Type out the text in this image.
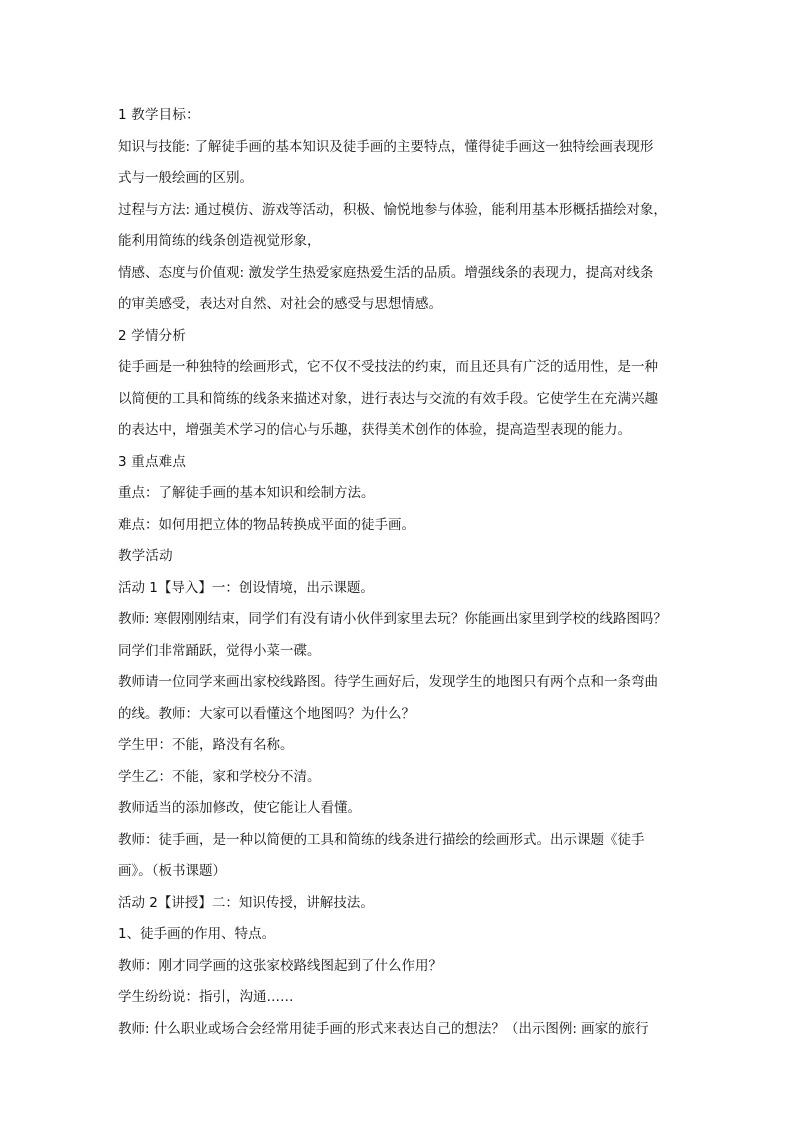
1 教学目标：
知识与技能: 了解徒手画的基本知识及徒手画的主要特点，懂得徒手画这一独特绘画表现形
式与一般绘画的区别。
过程与方法: 通过模仿、游戏等活动，积极、愉悦地参与体验，能利用基本形概括描绘对象，
能利用简练的线条创造视觉形象，
情感、态度与价值观: 激发学生热爱家庭热爱生活的品质。增强线条的表现力，提高对线条
的审美感受，表达对自然、对社会的感受与思想情感。
2 学情分析
徒手画是一种独特的绘画形式，它不仅不受技法的约束，而且还具有广泛的适用性，是一种
以简便的工具和简练的线条来描述对象，进行表达与交流的有效手段。它使学生在充满兴趣
的表达中，增强美术学习的信心与乐趣，获得美术创作的体验，提高造型表现的能力。
3 重点难点
重点：了解徒手画的基本知识和绘制方法。
难点：如何用把立体的物品转换成平面的徒手画。
教学活动
活动 1【导入】一：创设情境，出示课题。
教师: 寒假刚刚结束，同学们有没有请小伙伴到家里去玩？你能画出家里到学校的线路图吗？
同学们非常踊跃，觉得小菜一碟。
教师请一位同学来画出家校线路图。待学生画好后，发现学生的地图只有两个点和一条弯曲
的线。教师：大家可以看懂这个地图吗？为什么？
学生甲：不能，路没有名称。
学生乙：不能，家和学校分不清。
教师适当的添加修改，使它能让人看懂。
教师：徒手画，是一种以简便的工具和简练的线条进行描绘的绘画形式。出示课题《徒手
画》。（板书课题）
活动 2【讲授】二：知识传授，讲解技法。
1、徒手画的作用、特点。
教师：刚才同学画的这张家校路线图起到了什么作用？
学生纷纷说：指引，沟通……
教师: 什么职业或场合会经常用徒手画的形式来表达自己的想法？（出示图例: 画家的旅行
